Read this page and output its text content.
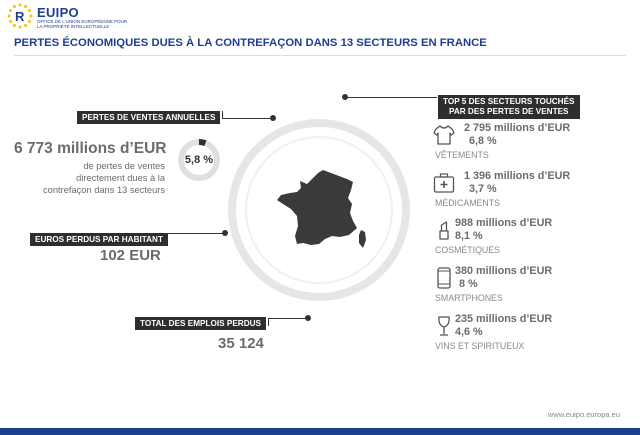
R EUIPO
OFFICE DE L'UNION EUROPÉENNE POUR LA PROPRIÉTÉ INTELLECTUELLE
PERTES ÉCONOMIQUES DUES À LA CONTREFAÇON DANS 13 SECTEURS EN FRANCE
PERTES DE VENTES ANNUELLES
6 773 millions d’EUR
de pertes de ventes
directement dues à la
contrefaçon dans 13 secteurs
5,8 %
EUROS PERDUS PAR HABITANT
102 EUR
TOTAL DES EMPLOIS PERDUS
35 124
TOP 5 DES SECTEURS TOUCHÉS
PAR DES PERTES DE VENTES
2 795 millions d’EUR
6,8 %
VÊTEMENTS
1 396 millions d’EUR
3,7 %
MÉDICAMENTS
988 millions d’EUR
8,1 %
COSMÉTIQUES
380 millions d’EUR
8 %
SMARTPHONES
235 millions d’EUR
4,6 %
VINS ET SPIRITUEUX
www.euipo.europa.eu
